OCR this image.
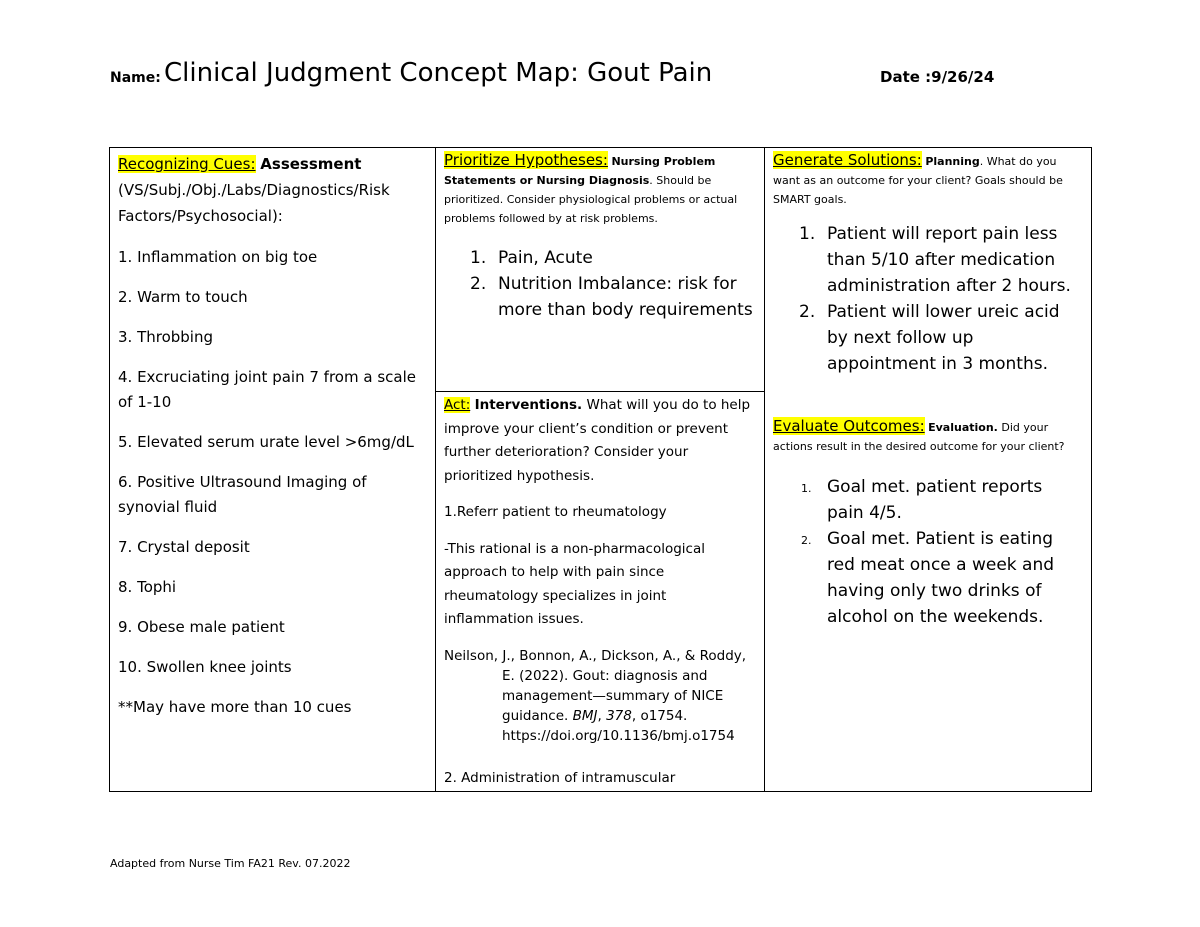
Name: Clinical Judgment Concept Map: Gout Pain	Date :9/26/24
Recognizing Cues: Assessment (VS/Subj./Obj./Labs/Diagnostics/Risk Factors/Psychosocial):
1. Inflammation on big toe
2. Warm to touch
3. Throbbing
4. Excruciating joint pain 7 from a scale of 1-10
5. Elevated serum urate level >6mg/dL
6. Positive Ultrasound Imaging of synovial fluid
7. Crystal deposit
8. Tophi
9. Obese male patient
10. Swollen knee joints
**May have more than 10 cues
Prioritize Hypotheses: Nursing Problem Statements or Nursing Diagnosis. Should be prioritized. Consider physiological problems or actual problems followed by at risk problems.
1. Pain, Acute
2. Nutrition Imbalance: risk for more than body requirements
Act: Interventions. What will you do to help improve your client’s condition or prevent further deterioration? Consider your prioritized hypothesis.
1.Referr patient to rheumatology
-This rational is a non-pharmacological approach to help with pain since rheumatology specializes in joint inflammation issues.
Neilson, J., Bonnon, A., Dickson, A., & Roddy, E. (2022). Gout: diagnosis and management—summary of NICE guidance. BMJ, 378, o1754. https://doi.org/10.1136/bmj.o1754
2. Administration of intramuscular
Generate Solutions: Planning. What do you want as an outcome for your client? Goals should be SMART goals.
1. Patient will report pain less than 5/10 after medication administration after 2 hours.
2. Patient will lower ureic acid by next follow up appointment in 3 months.
Evaluate Outcomes: Evaluation. Did your actions result in the desired outcome for your client?
1. Goal met. patient reports pain 4/5.
2. Goal met. Patient is eating red meat once a week and having only two drinks of alcohol on the weekends.
Adapted from Nurse Tim FA21 Rev. 07.2022
